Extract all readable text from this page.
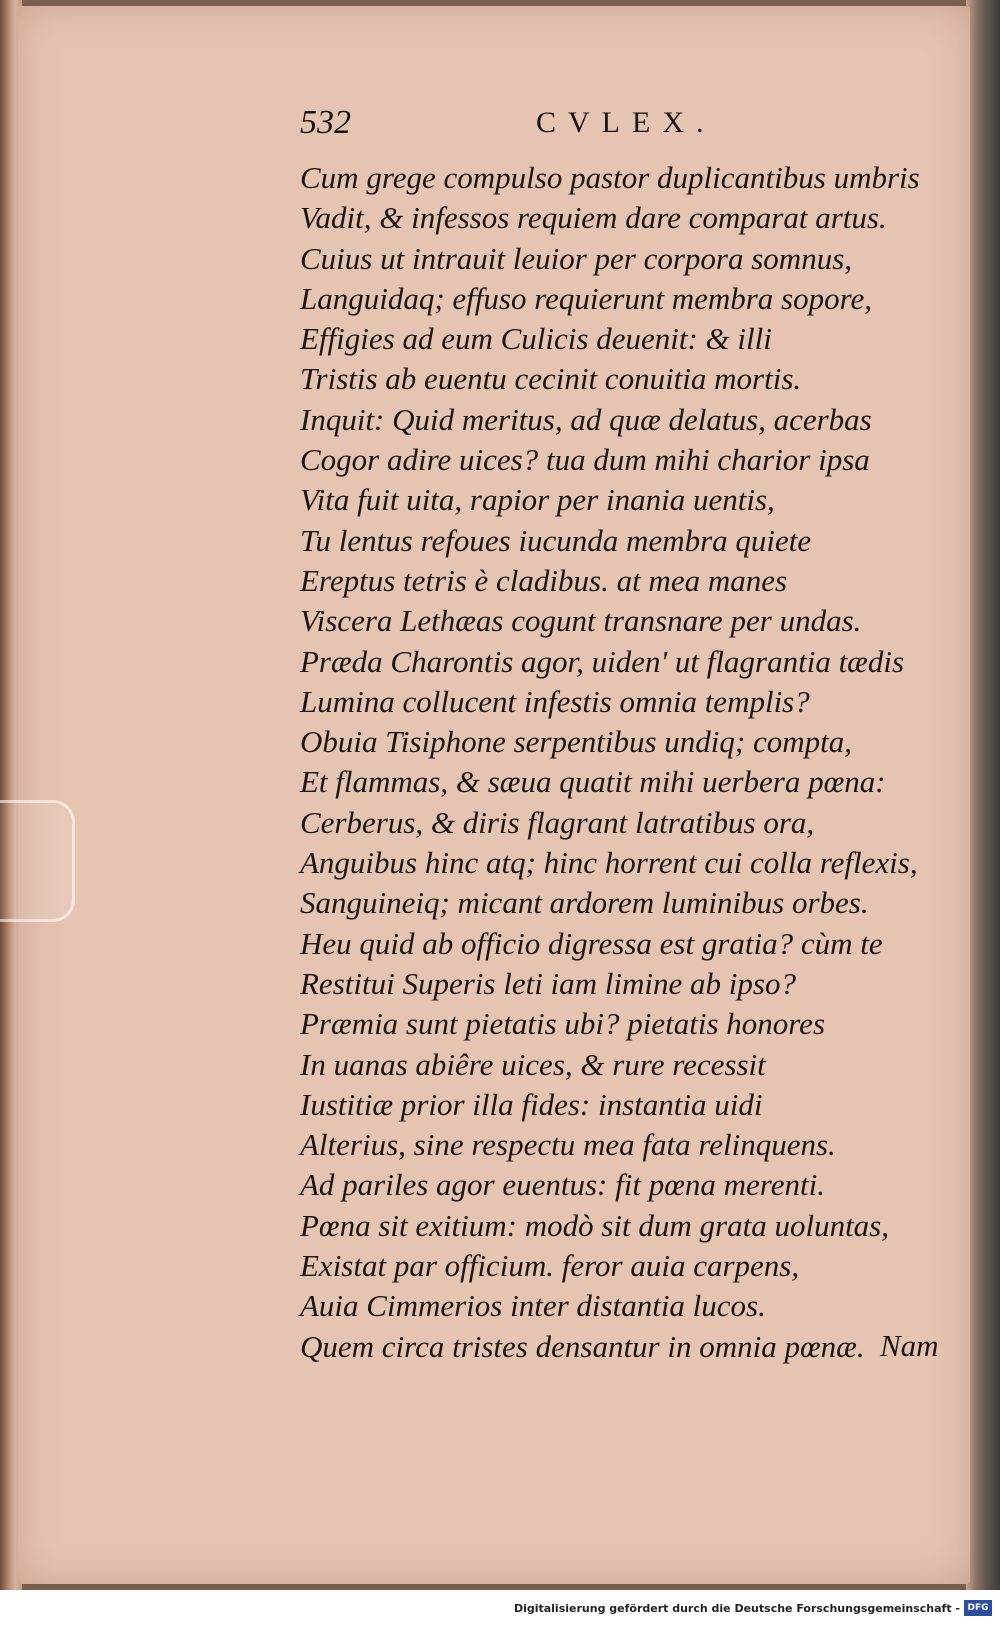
532	CVLEX.
Cum grege compulso pastor duplicantibus umbris
Vadit, & infessos requiem dare comparat artus.
Cuius ut intrauit leuior per corpora somnus,
Languidaq; effuso requierunt membra sopore,
Effigies ad eum Culicis deuenit: & illi
Tristis ab euentu cecinit conuitia mortis.
Inquit: Quid meritus, ad quæ delatus, acerbas
Cogor adire uices? tua dum mihi charior ipsa
Vita fuit uita, rapior per inania uentis,
Tu lentus refoues iucunda membra quiete
Ereptus tetris è cladibus. at mea manes
Viscera Lethæas cogunt transnare per undas.
Præda Charontis agor, uiden' ut flagrantia tædis
Lumina collucent infestis omnia templis?
Obuia Tisiphone serpentibus undiq; compta,
Et flammas, & sæua quatit mihi uerbera pœna:
Cerberus, & diris flagrant latratibus ora,
Anguibus hinc atq; hinc horrent cui colla reflexis,
Sanguineiq; micant ardorem luminibus orbes.
Heu quid ab officio digressa est gratia? cùm te
Restitui Superis leti iam limine ab ipso?
Præmia sunt pietatis ubi? pietatis honores
In uanas abiêre uices, & rure recessit
Iustitiæ prior illa fides: instantia uidi
Alterius, sine respectu mea fata relinquens.
Ad pariles agor euentus: fit pœna merenti.
Pœna sit exitium: modò sit dum grata uoluntas,
Existat par officium. feror auia carpens,
Auia Cimmerios inter distantia lucos.
Quem circa tristes densantur in omnia pœnæ. Nam
Digitalisierung gefördert durch die Deutsche Forschungsgemeinschaft - DFG
